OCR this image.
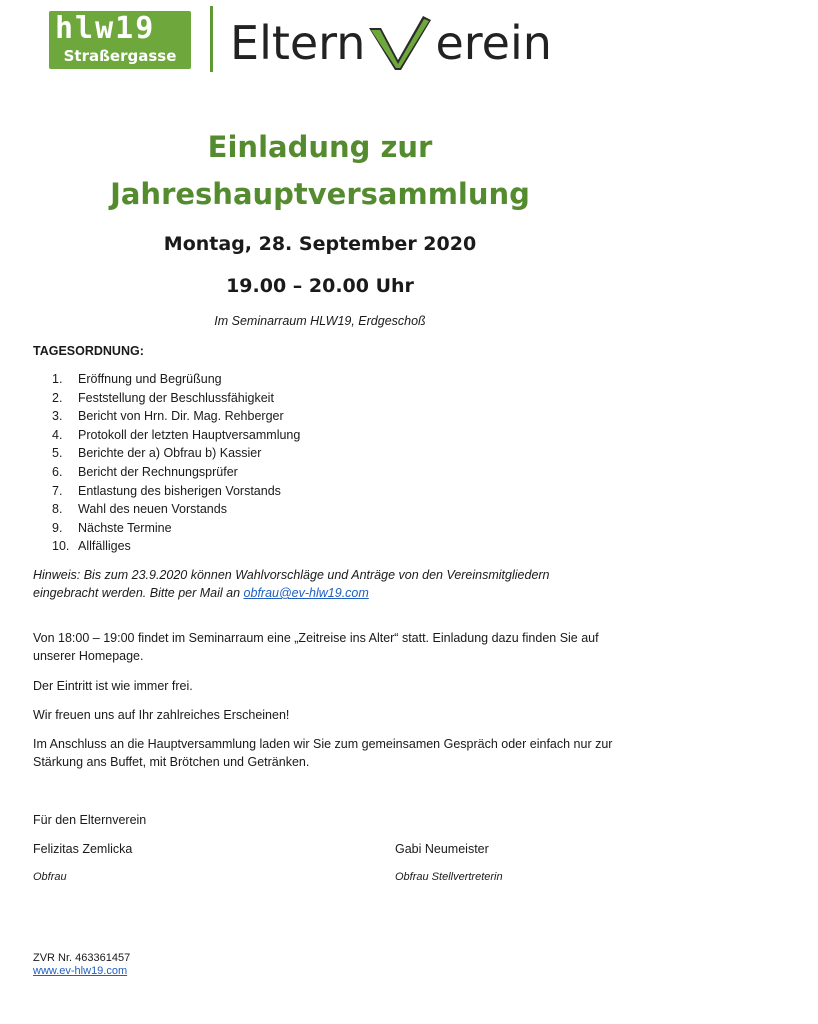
hlw19
Straßergasse	Eltern erein
Einladung zur
Jahreshauptversammlung
Montag, 28. September 2020
19.00 – 20.00 Uhr
Im Seminarraum HLW19, Erdgeschoß
TAGESORDNUNG:
1. Eröffnung und Begrüßung
2. Feststellung der Beschlussfähigkeit
3. Bericht von Hrn. Dir. Mag. Rehberger
4. Protokoll der letzten Hauptversammlung
5. Berichte der a) Obfrau b) Kassier
6. Bericht der Rechnungsprüfer
7. Entlastung des bisherigen Vorstands
8. Wahl des neuen Vorstands
9. Nächste Termine
10. Allfälliges
Hinweis: Bis zum 23.9.2020 können Wahlvorschläge und Anträge von den Vereinsmitgliedern eingebracht werden. Bitte per Mail an obfrau@ev-hlw19.com
Von 18:00 – 19:00 findet im Seminarraum eine „Zeitreise ins Alter“ statt. Einladung dazu finden Sie auf unserer Homepage.
Der Eintritt ist wie immer frei.
Wir freuen uns auf Ihr zahlreiches Erscheinen!
Im Anschluss an die Hauptversammlung laden wir Sie zum gemeinsamen Gespräch oder einfach nur zur Stärkung ans Buffet, mit Brötchen und Getränken.
Für den Elternverein
Felizitas Zemlicka	Gabi Neumeister
Obfrau	Obfrau Stellvertreterin
ZVR Nr. 463361457
www.ev-hlw19.com
